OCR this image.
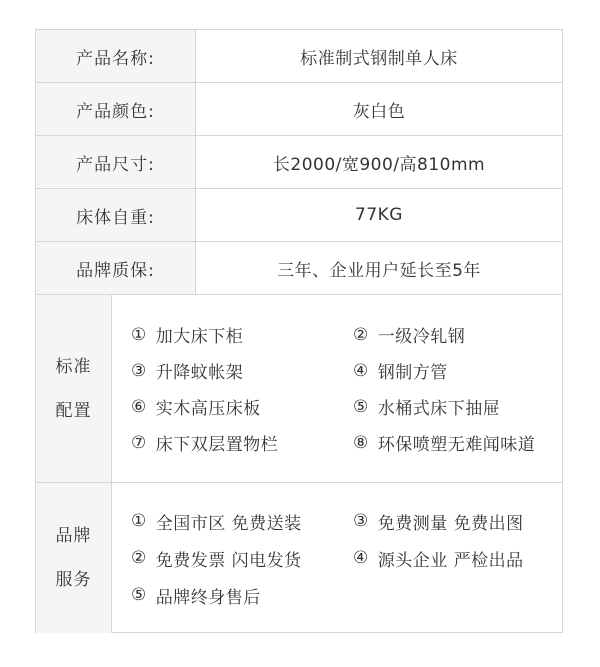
产品名称:	标准制式钢制单人床
产品颜色:	灰白色
产品尺寸:	长2000/宽900/高810mm
床体自重:	77KG
品牌质保:	三年、企业用户延长至5年
标准
配置
① 加大床下柜	② 一级冷轧钢
③ 升降蚊帐架	④ 钢制方管
⑥ 实木高压床板	⑤ 水桶式床下抽屉
⑦ 床下双层置物栏	⑧ 环保喷塑无难闻味道
品牌
服务
① 全国市区 免费送装	③ 免费测量 免费出图
② 免费发票 闪电发货	④ 源头企业 严检出品
⑤ 品牌终身售后
